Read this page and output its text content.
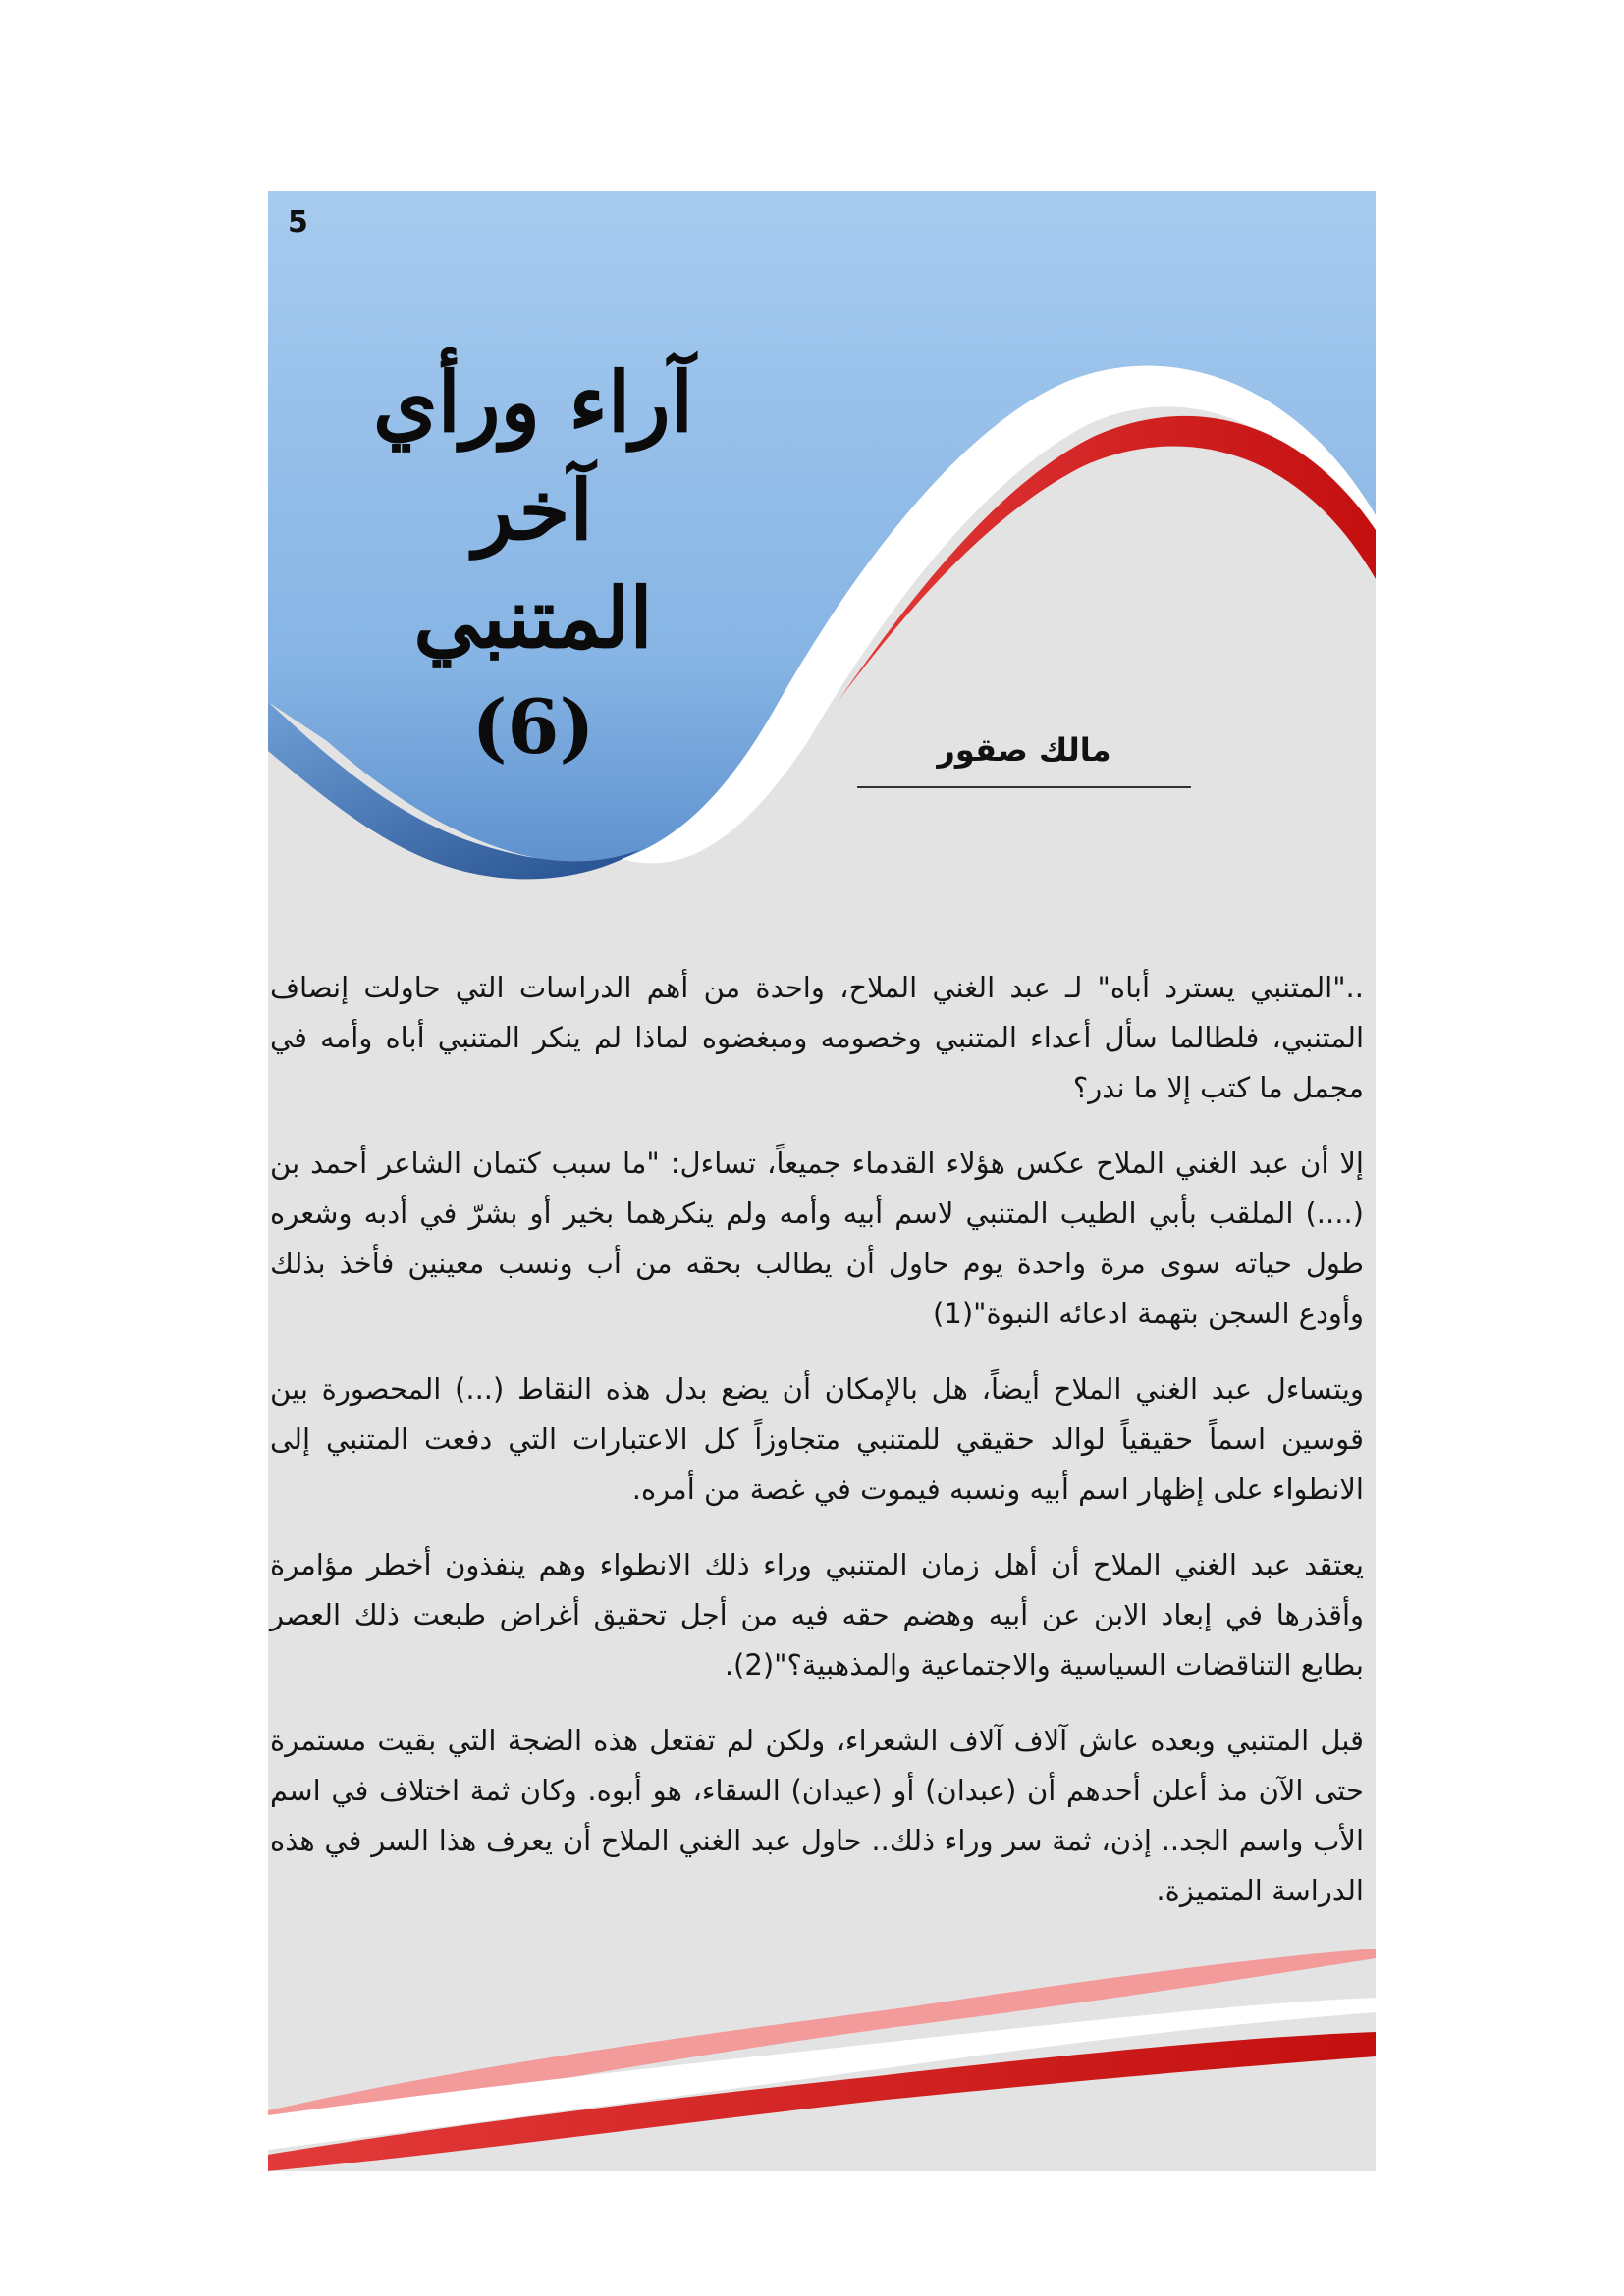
5
آراء ورأي آخر
المتنبي
(6)	مالك صقور

.."المتنبي يسترد أباه" لـ عبد الغني الملاح، واحدة من أهم الدراسات التي حاولت إنصاف المتنبي، فلطالما سأل أعداء المتنبي وخصومه ومبغضوه لماذا لم ينكر المتنبي أباه وأمه في مجمل ما كتب إلا ما ندر؟

إلا أن عبد الغني الملاح عكس هؤلاء القدماء جميعاً، تساءل: "ما سبب كتمان الشاعر أحمد بن (....) الملقب بأبي الطيب المتنبي لاسم أبيه وأمه ولم ينكرهما بخير أو بشرّ في أدبه وشعره طول حياته سوى مرة واحدة يوم حاول أن يطالب بحقه من أب ونسب معينين فأخذ بذلك وأودع السجن بتهمة ادعائه النبوة"(1)

ويتساءل عبد الغني الملاح أيضاً، هل بالإمكان أن يضع بدل هذه النقاط (...) المحصورة بين قوسين اسماً حقيقياً لوالد حقيقي للمتنبي متجاوزاً كل الاعتبارات التي دفعت المتنبي إلى الانطواء على إظهار اسم أبيه ونسبه فيموت في غصة من أمره.

يعتقد عبد الغني الملاح أن أهل زمان المتنبي وراء ذلك الانطواء وهم ينفذون أخطر مؤامرة وأقذرها في إبعاد الابن عن أبيه وهضم حقه فيه من أجل تحقيق أغراض طبعت ذلك العصر بطابع التناقضات السياسية والاجتماعية والمذهبية؟"(2).

قبل المتنبي وبعده عاش آلاف آلاف الشعراء، ولكن لم تفتعل هذه الضجة التي بقيت مستمرة حتى الآن مذ أعلن أحدهم أن (عبدان) أو (عيدان) السقاء، هو أبوه. وكان ثمة اختلاف في اسم الأب واسم الجد.. إذن، ثمة سر وراء ذلك.. حاول عبد الغني الملاح أن يعرف هذا السر في هذه الدراسة المتميزة.
